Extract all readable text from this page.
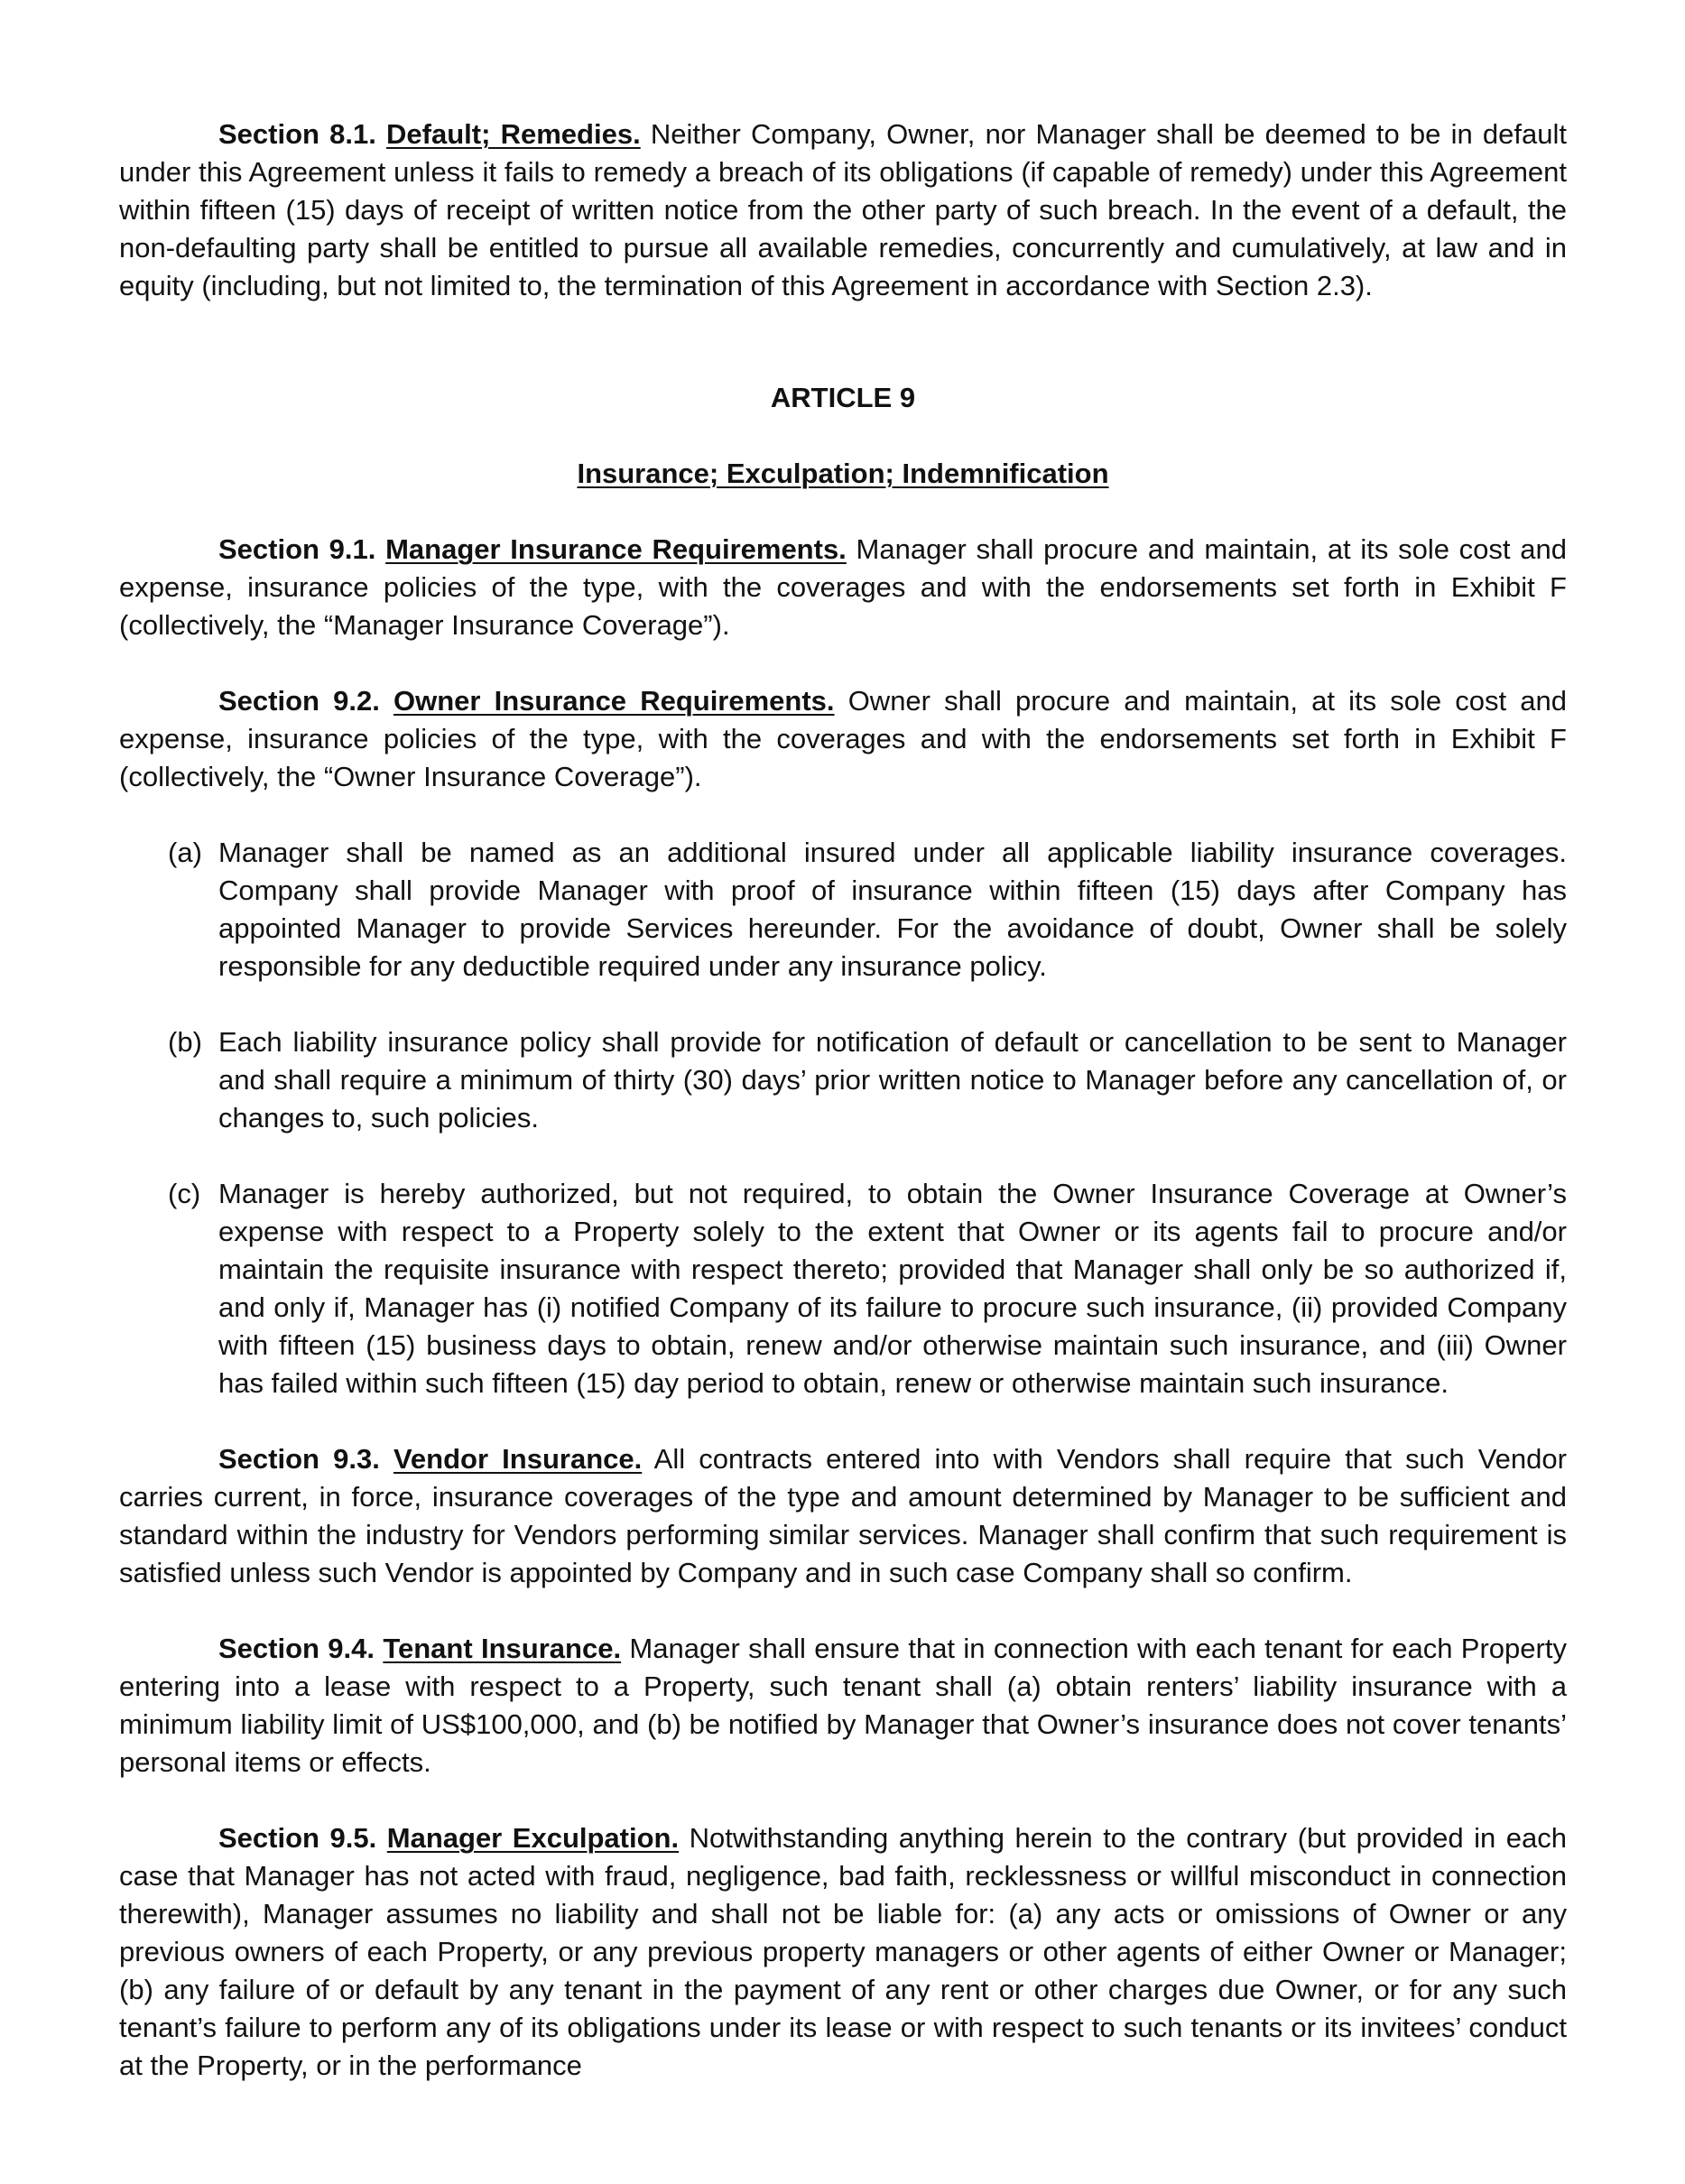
Section 8.1. Default; Remedies. Neither Company, Owner, nor Manager shall be deemed to be in default under this Agreement unless it fails to remedy a breach of its obligations (if capable of remedy) under this Agreement within fifteen (15) days of receipt of written notice from the other party of such breach. In the event of a default, the non-defaulting party shall be entitled to pursue all available remedies, concurrently and cumulatively, at law and in equity (including, but not limited to, the termination of this Agreement in accordance with Section 2.3).

ARTICLE 9

Insurance; Exculpation; Indemnification

Section 9.1. Manager Insurance Requirements. Manager shall procure and maintain, at its sole cost and expense, insurance policies of the type, with the coverages and with the endorsements set forth in Exhibit F (collectively, the “Manager Insurance Coverage”).

Section 9.2. Owner Insurance Requirements. Owner shall procure and maintain, at its sole cost and expense, insurance policies of the type, with the coverages and with the endorsements set forth in Exhibit F (collectively, the “Owner Insurance Coverage”).

(a) Manager shall be named as an additional insured under all applicable liability insurance coverages. Company shall provide Manager with proof of insurance within fifteen (15) days after Company has appointed Manager to provide Services hereunder. For the avoidance of doubt, Owner shall be solely responsible for any deductible required under any insurance policy.

(b) Each liability insurance policy shall provide for notification of default or cancellation to be sent to Manager and shall require a minimum of thirty (30) days’ prior written notice to Manager before any cancellation of, or changes to, such policies.

(c) Manager is hereby authorized, but not required, to obtain the Owner Insurance Coverage at Owner’s expense with respect to a Property solely to the extent that Owner or its agents fail to procure and/or maintain the requisite insurance with respect thereto; provided that Manager shall only be so authorized if, and only if, Manager has (i) notified Company of its failure to procure such insurance, (ii) provided Company with fifteen (15) business days to obtain, renew and/or otherwise maintain such insurance, and (iii) Owner has failed within such fifteen (15) day period to obtain, renew or otherwise maintain such insurance.

Section 9.3. Vendor Insurance. All contracts entered into with Vendors shall require that such Vendor carries current, in force, insurance coverages of the type and amount determined by Manager to be sufficient and standard within the industry for Vendors performing similar services. Manager shall confirm that such requirement is satisfied unless such Vendor is appointed by Company and in such case Company shall so confirm.

Section 9.4. Tenant Insurance. Manager shall ensure that in connection with each tenant for each Property entering into a lease with respect to a Property, such tenant shall (a) obtain renters’ liability insurance with a minimum liability limit of US$100,000, and (b) be notified by Manager that Owner’s insurance does not cover tenants’ personal items or effects.

Section 9.5. Manager Exculpation. Notwithstanding anything herein to the contrary (but provided in each case that Manager has not acted with fraud, negligence, bad faith, recklessness or willful misconduct in connection therewith), Manager assumes no liability and shall not be liable for: (a) any acts or omissions of Owner or any previous owners of each Property, or any previous property managers or other agents of either Owner or Manager; (b) any failure of or default by any tenant in the payment of any rent or other charges due Owner, or for any such tenant’s failure to perform any of its obligations under its lease or with respect to such tenants or its invitees’ conduct at the Property, or in the performance
